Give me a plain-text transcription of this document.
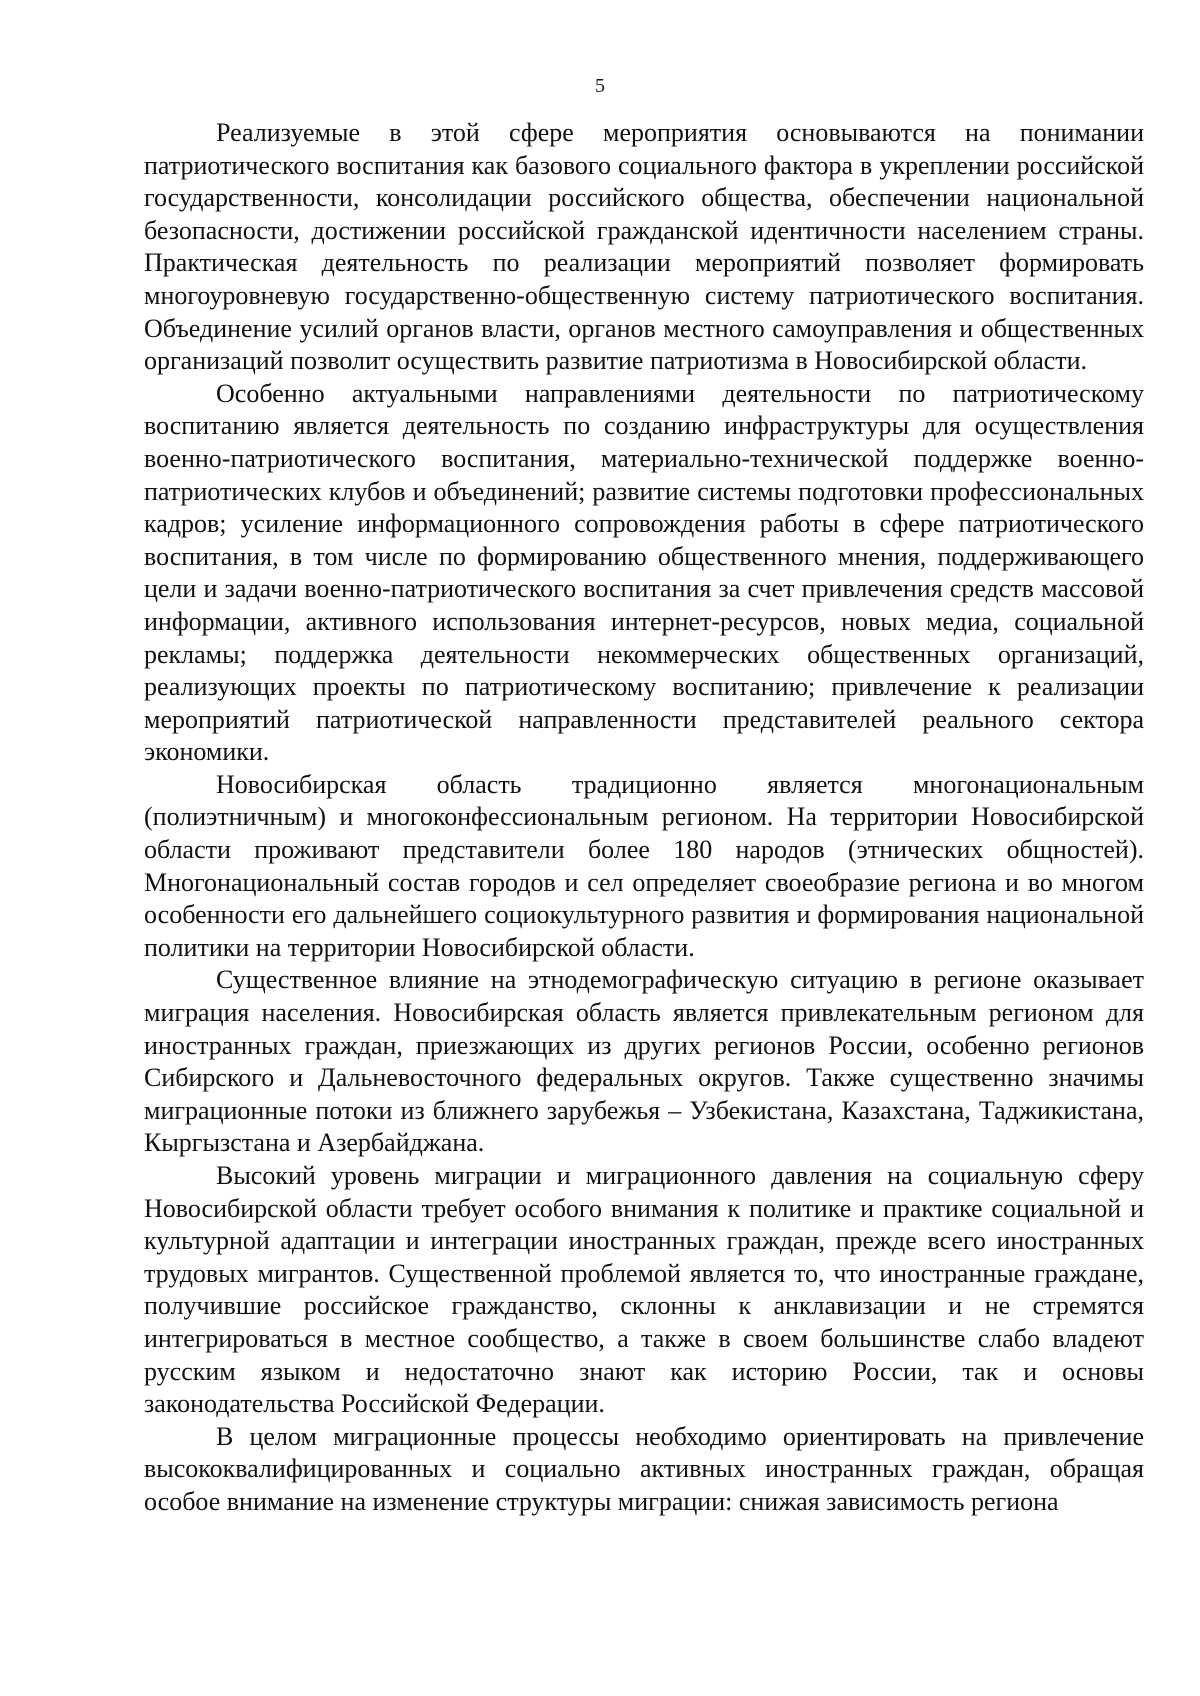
5

Реализуемые в этой сфере мероприятия основываются на понимании патриотического воспитания как базового социального фактора в укреплении российской государственности, консолидации российского общества, обеспечении национальной безопасности, достижении российской гражданской идентичности населением страны. Практическая деятельность по реализации мероприятий позволяет формировать многоуровневую государственно-общественную систему патриотического воспитания. Объединение усилий органов власти, органов местного самоуправления и общественных организаций позволит осуществить развитие патриотизма в Новосибирской области.

Особенно актуальными направлениями деятельности по патриотическому воспитанию является деятельность по созданию инфраструктуры для осуществления военно-патриотического воспитания, материально-технической поддержке военно-патриотических клубов и объединений; развитие системы подготовки профессиональных кадров; усиление информационного сопровождения работы в сфере патриотического воспитания, в том числе по формированию общественного мнения, поддерживающего цели и задачи военно-патриотического воспитания за счет привлечения средств массовой информации, активного использования интернет-ресурсов, новых медиа, социальной рекламы; поддержка деятельности некоммерческих общественных организаций, реализующих проекты по патриотическому воспитанию; привлечение к реализации мероприятий патриотической направленности представителей реального сектора экономики.

Новосибирская область традиционно является многонациональным (полиэтничным) и многоконфессиональным регионом. На территории Новосибирской области проживают представители более 180 народов (этнических общностей). Многонациональный состав городов и сел определяет своеобразие региона и во многом особенности его дальнейшего социокультурного развития и формирования национальной политики на территории Новосибирской области.

Существенное влияние на этнодемографическую ситуацию в регионе оказывает миграция населения. Новосибирская область является привлекательным регионом для иностранных граждан, приезжающих из других регионов России, особенно регионов Сибирского и Дальневосточного федеральных округов. Также существенно значимы миграционные потоки из ближнего зарубежья – Узбекистана, Казахстана, Таджикистана, Кыргызстана и Азербайджана.

Высокий уровень миграции и миграционного давления на социальную сферу Новосибирской области требует особого внимания к политике и практике социальной и культурной адаптации и интеграции иностранных граждан, прежде всего иностранных трудовых мигрантов. Существенной проблемой является то, что иностранные граждане, получившие российское гражданство, склонны к анклавизации и не стремятся интегрироваться в местное сообщество, а также в своем большинстве слабо владеют русским языком и недостаточно знают как историю России, так и основы законодательства Российской Федерации.

В целом миграционные процессы необходимо ориентировать на привлечение высококвалифицированных и социально активных иностранных граждан, обращая особое внимание на изменение структуры миграции: снижая зависимость региона
